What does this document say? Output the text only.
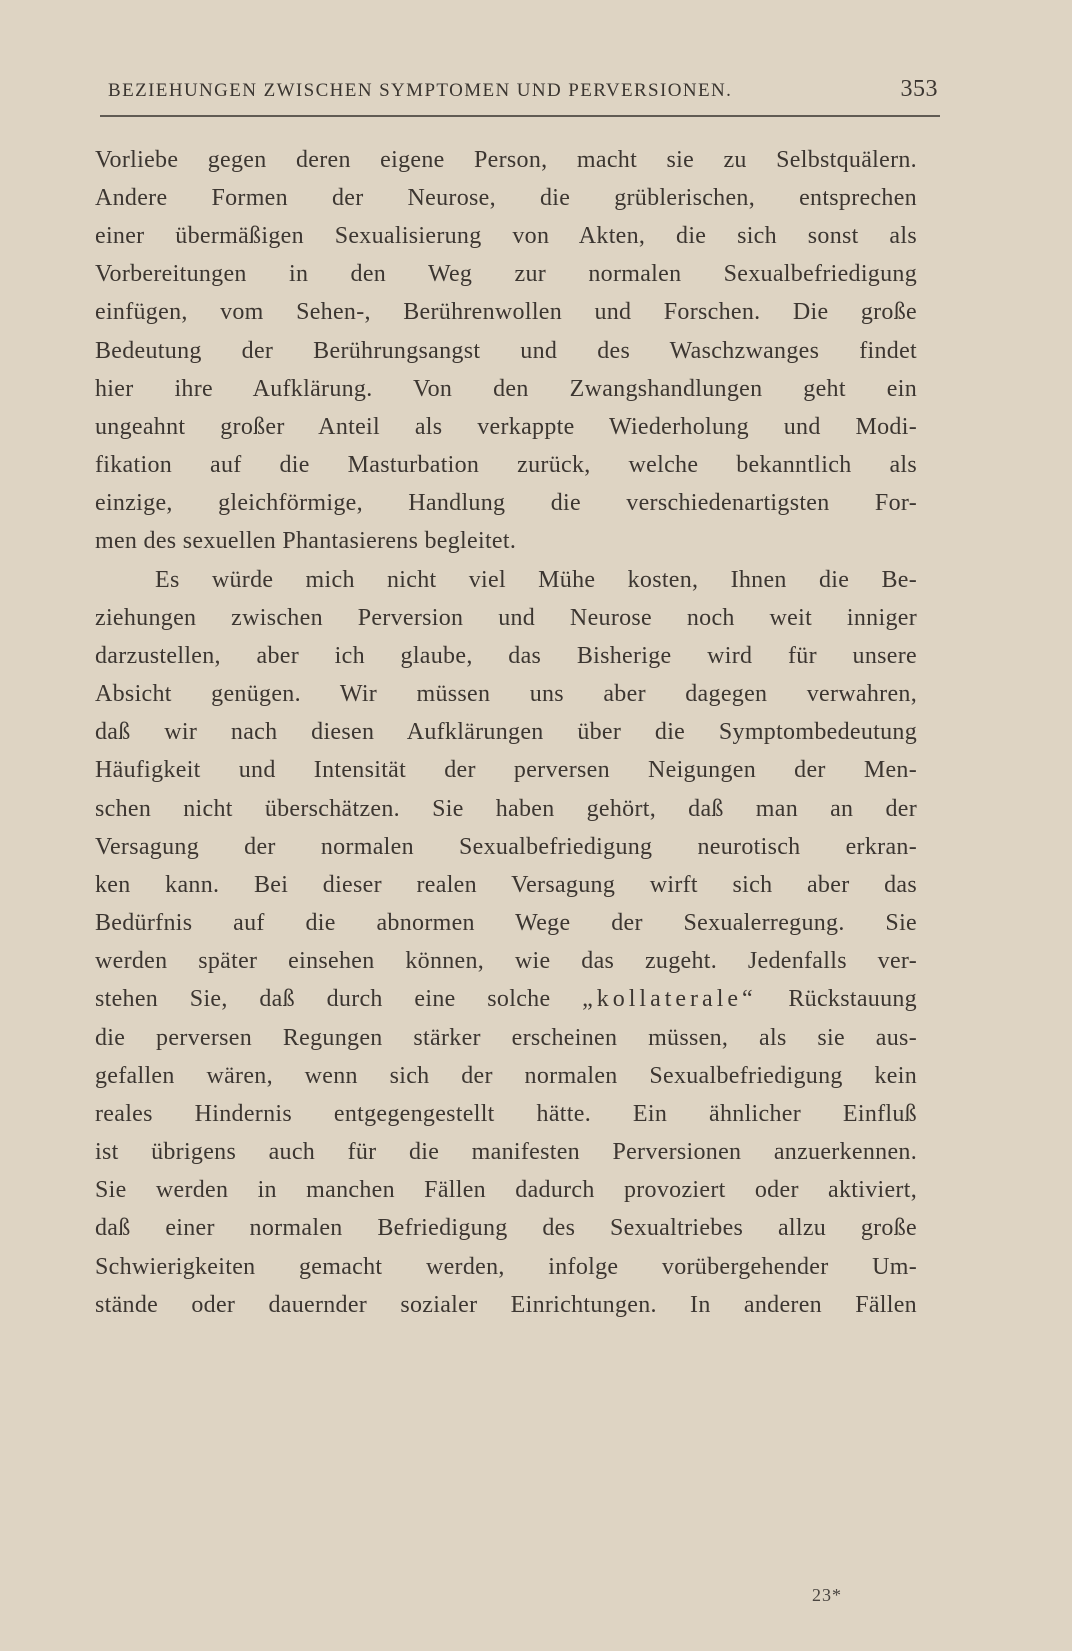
BEZIEHUNGEN ZWISCHEN SYMPTOMEN UND PERVERSIONEN.	353
Vorliebe gegen deren eigene Person, macht sie zu Selbstquälern.
Andere Formen der Neurose, die grüblerischen, entsprechen
einer übermäßigen Sexualisierung von Akten, die sich sonst als
Vorbereitungen in den Weg zur normalen Sexualbefriedigung
einfügen, vom Sehen-, Berührenwollen und Forschen. Die große
Bedeutung der Berührungsangst und des Waschzwanges findet
hier ihre Aufklärung. Von den Zwangshandlungen geht ein
ungeahnt großer Anteil als verkappte Wiederholung und Modi-
fikation auf die Masturbation zurück, welche bekanntlich als
einzige, gleichförmige, Handlung die verschiedenartigsten For-
men des sexuellen Phantasierens begleitet.
Es würde mich nicht viel Mühe kosten, Ihnen die Be-
ziehungen zwischen Perversion und Neurose noch weit inniger
darzustellen, aber ich glaube, das Bisherige wird für unsere
Absicht genügen. Wir müssen uns aber dagegen verwahren,
daß wir nach diesen Aufklärungen über die Symptombedeutung
Häufigkeit und Intensität der perversen Neigungen der Men-
schen nicht überschätzen. Sie haben gehört, daß man an der
Versagung der normalen Sexualbefriedigung neurotisch erkran-
ken kann. Bei dieser realen Versagung wirft sich aber das
Bedürfnis auf die abnormen Wege der Sexualerregung. Sie
werden später einsehen können, wie das zugeht. Jedenfalls ver-
stehen Sie, daß durch eine solche „kollaterale“ Rückstauung
die perversen Regungen stärker erscheinen müssen, als sie aus-
gefallen wären, wenn sich der normalen Sexualbefriedigung kein
reales Hindernis entgegengestellt hätte. Ein ähnlicher Einfluß
ist übrigens auch für die manifesten Perversionen anzuerkennen.
Sie werden in manchen Fällen dadurch provoziert oder aktiviert,
daß einer normalen Befriedigung des Sexualtriebes allzu große
Schwierigkeiten gemacht werden, infolge vorübergehender Um-
stände oder dauernder sozialer Einrichtungen. In anderen Fällen
23*
